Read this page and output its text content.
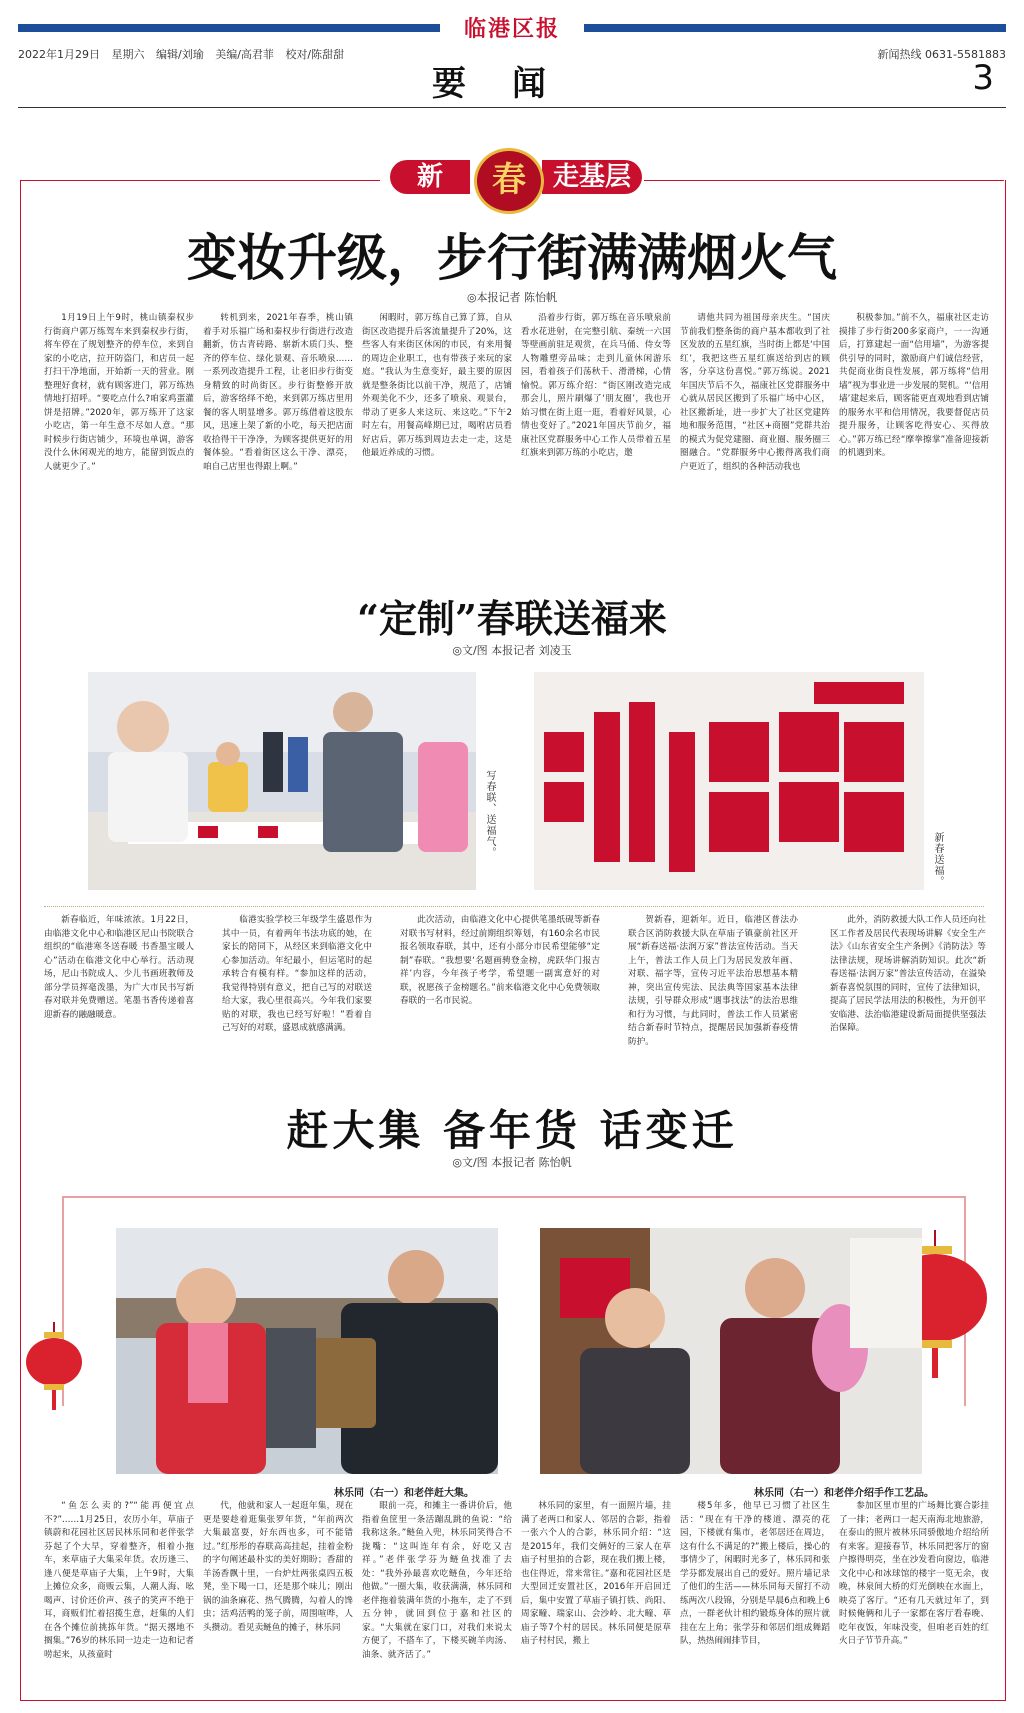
临港区报
2022年1月29日 星期六 编辑/刘瑜 美编/高君菲 校对/陈甜甜	新闻热线 0631-5581883
要闻	3
新	走基层
春
变妆升级，步行街满满烟火气
◎本报记者 陈怡帆

1月19日上午9时，桃山镇秦权步行街商户郭万练驾车来到秦权步行街，将车停在了规划整齐的停车位，来到自家的小吃店，拉开防盗门，和店员一起打扫干净地面，开始新一天的营业。刚整理好食材，就有顾客进门，郭万练热情地打招呼。“要吃点什么?咱家鸡蛋灌饼是招牌。”2020年，郭万练开了这家小吃店，第一年生意不尽如人意。“那时候步行街店铺少，环境也单调，游客没什么休闲观光的地方，能留到饭点的人就更少了。”

转机到来，2021年春季，桃山镇着手对乐福广场和秦权步行街进行改造翻新，仿古青砖路、崭新木质门头、整齐的停车位、绿化景观、音乐喷泉……一系列改造提升工程，让老旧步行街变身精致的时尚街区。步行街整修开放后，游客络绎不绝，来到郭万练店里用餐的客人明显增多。郭万练借着这股东风，迅速上架了新的小吃，每天把店面收拾得干干净净，为顾客提供更好的用餐体验。“看着街区这么干净、漂亮，咱自己店里也得跟上啊。”

闲暇时，郭万练自己算了算，自从街区改造提升后客流量提升了20%，这些客人有来街区休闲的市民，有来用餐的周边企业职工，也有带孩子来玩的家庭。“我认为生意变好，最主要的原因就是整条街比以前干净，规范了，店铺外观美化不少，还多了喷泉、观景台，带动了更多人来这玩、来这吃。”下午2时左右，用餐高峰期已过，喝咐店员看好店后，郭万练到周边去走一走，这是他最近养成的习惯。

沿着步行街，郭万练在音乐喷泉前看水花进射，在完整引航、秦统一六国等壁画前驻足观赏，在兵马俑、侍女等人物雕塑旁品味；走到儿童休闲游乐园，看着孩子们荡秋千、滑滑梯，心情愉悦。郭万练介绍：“街区刚改造完成那会儿，照片刷爆了‘朋友圈’，我也开始习惯在街上逛一逛，看着好风景，心情也变好了。”2021年国庆节前夕，福康社区党群服务中心工作人员带着五星红旗来到郭万练的小吃店，邀

请他共同为祖国母亲庆生。“国庆节前我们整条街的商户基本都收到了社区发放的五星红旗，当时街上都是‘中国红’，我把这些五星红旗送给到店的顾客，分享这份喜悦。”郭万练说。2021年国庆节后不久，福康社区党群服务中心就从居民区搬到了乐福广场中心区，社区搬新址，进一步扩大了社区党建阵地和服务范围，“社区+商圈”党群共治的模式为促党建圈、商业圈、服务圈三圈融合。“党群服务中心搬得离我们商户更近了，组织的各种活动我也

积极参加。”前不久，福康社区走访摸排了步行街200多家商户，一一沟通后，打算建起一面“信用墙”，为游客提供引导的同时，激励商户们诚信经营，共促商业街良性发展，郭万练将“信用墙”视为事业进一步发展的契机。“‘信用墙’建起来后，顾客能更直观地看到店铺的服务水平和信用情况，我要督促店员提升服务，让顾客吃得安心、买得放心。”郭万练已经“摩拳擦掌”准备迎接新的机遇到来。

“定制”春联送福来
◎文/图 本报记者 刘凌玉
写春联、送福气。
新春送福。

新春临近，年味浓浓。1月22日，由临港文化中心和临港区尼山书院联合组织的“临港寒冬送春暖 书香墨宝暖人心”活动在临港文化中心举行。活动现场，尼山书院成人、少儿书画班教师及部分学员挥毫泼墨，为广大市民书写新春对联并免费赠送。笔墨书香传递着喜迎新春的融融暖意。

临港实验学校三年级学生盛恩作为其中一员，有着两年书法功底的她，在家长的陪同下，从经区来到临港文化中心参加活动。年纪最小，但运笔时的起承转合有模有样。“参加这样的活动，我觉得特别有意义，把自己写的对联送给大家，我心里很高兴。今年我们家要贴的对联，我也已经写好啦！”看着自己写好的对联，盛恩成就感满满。

此次活动，由临港文化中心提供笔墨纸砚等新春对联书写材料，经过前期组织筹划，有160余名市民报名领取春联，其中，还有小部分市民希望能够“定制”春联。“我想要‘名题画骋登金榜，虎跃华门报吉祥’内容，今年孩子考学，希望题一副寓意好的对联，祝愿孩子金榜题名。”前来临港文化中心免费领取春联的一名市民说。

贺新春，迎新年。近日，临港区普法办联合区消防救援大队在草庙子镇豪前社区开展“新春送福·法润万家”普法宣传活动。当天上午，普法工作人员上门为居民发放年画、对联、福字等，宣传习近平法治思想基本精神，突出宣传宪法、民法典等国家基本法律法规，引导群众形成“遇事找法”的法治思维和行为习惯，与此同时，普法工作人员紧密结合新春时节特点，提醒居民加强新春疫情防护。

此外，消防救援大队工作人员还向社区工作者及居民代表现场讲解《安全生产法》《山东省安全生产条例》《消防法》等法律法规，现场讲解消防知识。此次“新春送福·法润万家”普法宣传活动，在溢染新春喜悦氛围的同时，宣传了法律知识，提高了居民学法用法的积极性，为开创平安临港、法治临港建设新局面提供坚强法治保障。

赶大集 备年货 话变迁
◎文/图 本报记者 陈怡帆
林乐同（右一）和老伴赶大集。	林乐同（右一）和老伴介绍手作工艺品。

“鱼怎么卖的?”“能再便宜点不?”……1月25日，农历小年，草庙子镇蔚和花园社区居民林乐同和老伴张学芬起了个大早，穿着整齐，相着小拖车，来草庙子大集采年货。农历逢三、逢八便是草庙子大集，上午9时，大集上摊位众多，商贩云集，人潮人海、吆喝声、讨价还价声、孩子的笑声不绝于耳，商贩们忙着招揽生意，赶集的人们在各个摊位前挑拣年货。“据天撂地不搁集。”76岁的林乐同一边走一边和记者唠起来，从孩童时

代，他就和家人一起逛年集，现在更是要趁着逛集张罗年货，“年前两次大集最富耍，好东西也多，可不能错过。”红彤彤的春联高高挂起，挂着金粉的字句阐述最朴实的美好期盼；香甜的羊汤香飘十里，一台炉灶两张桌四五板凳，坐下喝一口，还是那个味儿；刚出锅的油条麻花、热气腾腾，勾着人的馋虫；活鸡活鸭的笼子前，周围喧哗，人头攒动。看见卖鲢鱼的摊子，林乐同

眼前一亮，和摊主一番讲价后，他指着鱼筐里一条活蹦乱跳的鱼说：“给我称这条。”鲢鱼入兜，林乐同笑得合不拢嘴：“这叫连年有余，好吃又吉祥。”老伴张学芬为鲢鱼找准了去处：“我外孙最喜欢吃鲢鱼，今年还给他做。”一圈大集，收获满满，林乐同和老伴拖着装满年货的小拖车，走了不到五分钟，就回到位于嘉和社区的家。“大集就在家门口，对我们来说太方便了，不搭车了，下楼买碗羊肉汤、油条、就齐活了。”

林乐同的家里，有一面照片墙，挂满了老两口和家人、邻居的合影，指着一张六个人的合影，林乐同介绍：“这是2015年，我们交俩好的三家人在草庙子村里拍的合影，现在我们搬上楼，也住得近，常来常往。”嘉和花园社区是大型回迁安置社区，2016年开启回迁后，集中安置了草庙子镇打铁、尚阳、周家疃、瑞家山、会沙岭、北大疃、草庙子等7个村的居民。林乐同便是原草庙子村村民，搬上

楼5年多，他早已习惯了社区生活：“现在有干净的楼道、漂亮的花园，下楼就有集市，老邻居还在周边，这有什么不满足的?”搬上楼后，操心的事情少了，闲暇时光多了，林乐同和张学芬都发展出自己的爱好。照片墙记录了他们的生活——林乐同每天留打不动练两次八段锦，分别是早晨6点和晚上6点，一群老伙计相约锻炼身体的照片就挂在左上角；张学芬和邻居们组成舞蹈队，热热闹闹排节目，

参加区里市里的广场舞比赛合影挂了一排；老两口一起天南海北地旅游，在泰山的照片被林乐同骄傲地介绍给所有来客。迎接春节，林乐同把客厅的窗户擦得明亮，坐在沙发看向窗边，临港文化中心和冰球馆的楼宇一览无余，夜晚，林泉间大桥的灯光倒映在水面上，映亮了客厅。“还有几天就过年了，到时候俺俩和儿子一家都在客厅看春晚、吃年夜饭，年味没变，但咱老百姓的红火日子节节升高。”
